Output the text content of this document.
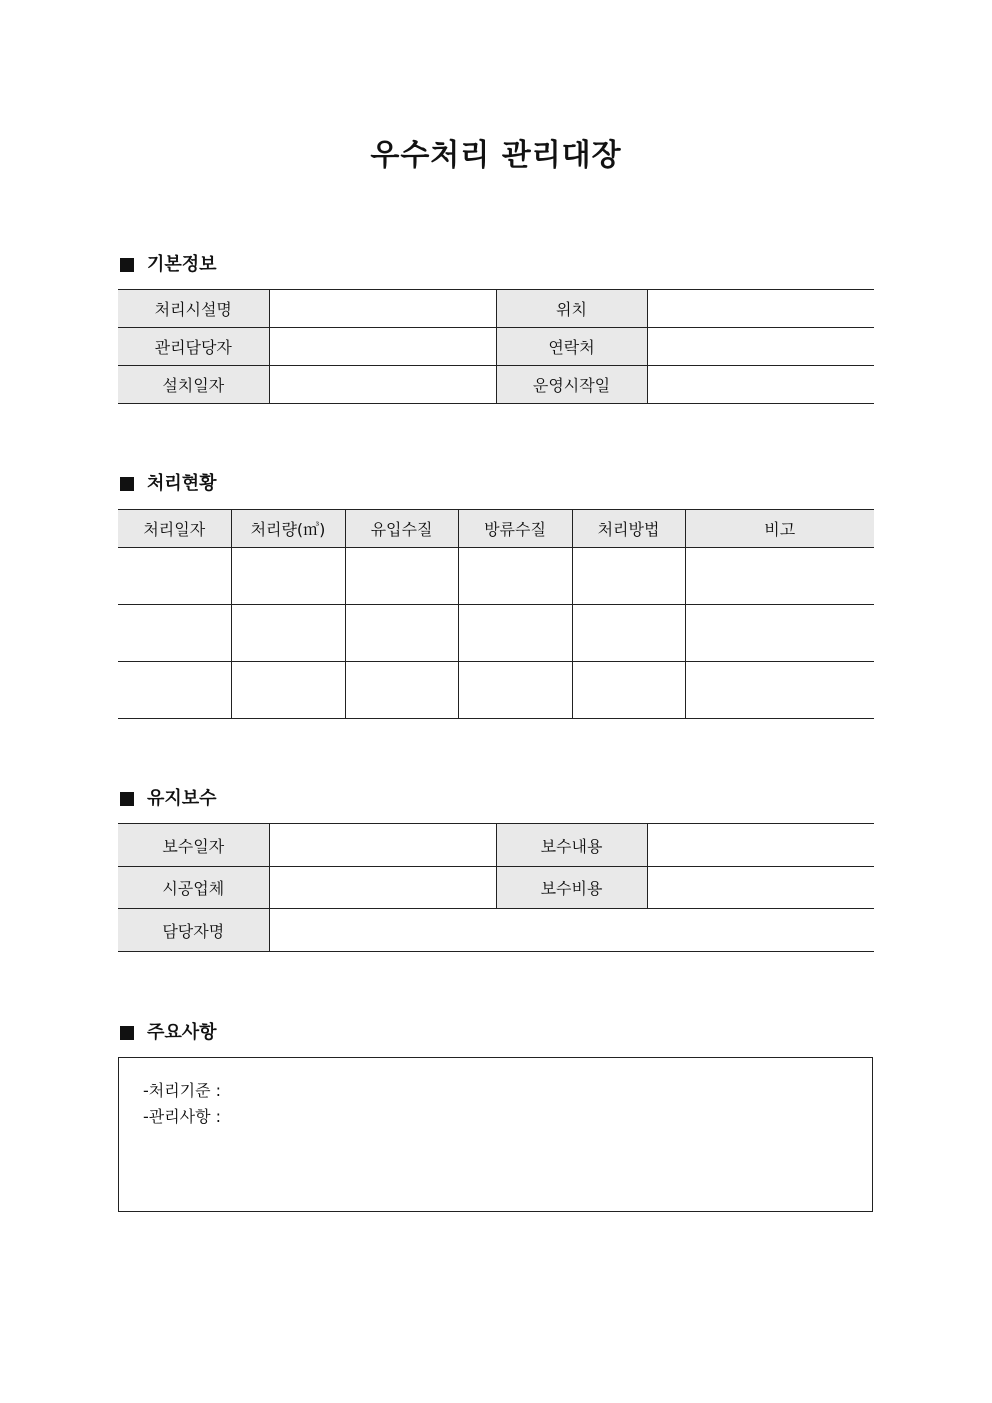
우수처리 관리대장
기본정보
처리시설명		위치	
관리담당자		연락처	
설치일자		운영시작일	
처리현황
처리일자	처리량(㎥)	유입수질	방류수질	처리방법	비고

유지보수
보수일자		보수내용	
시공업체		보수비용	
담당자명			
주요사항
-처리기준 :
-관리사항 :
